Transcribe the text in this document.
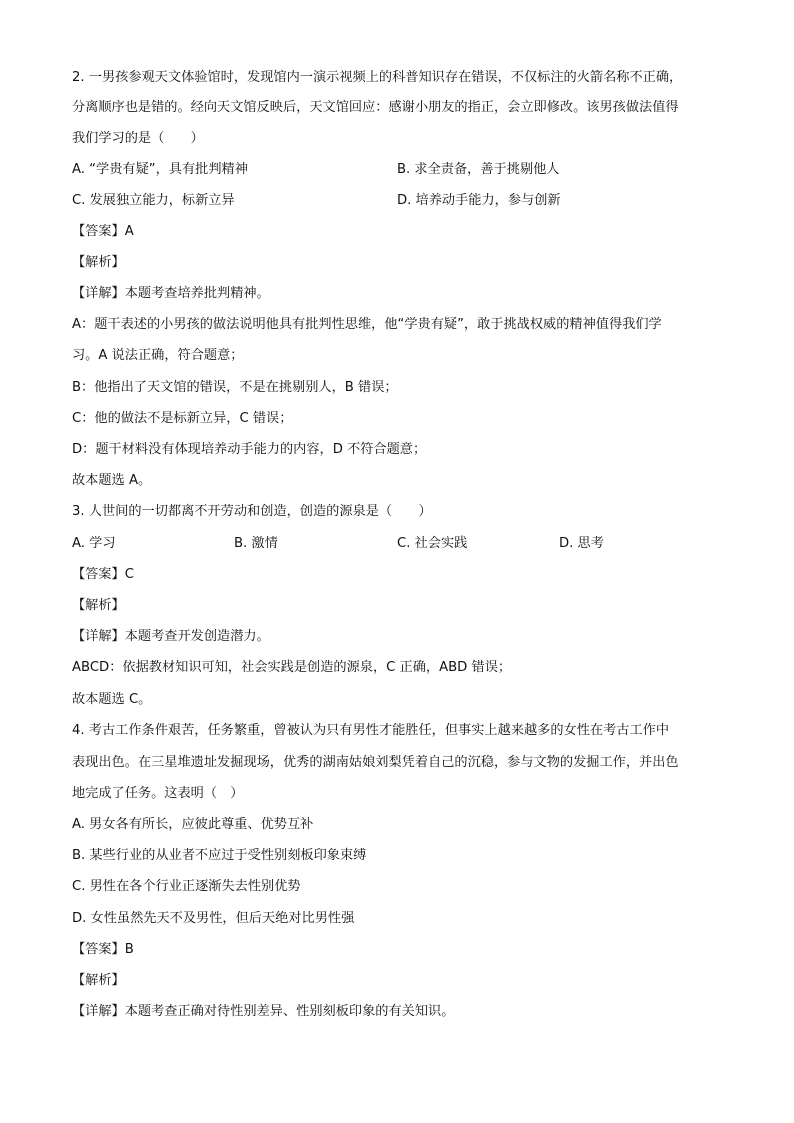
2. 一男孩参观天文体验馆时，发现馆内一演示视频上的科普知识存在错误，不仅标注的火箭名称不正确，

分离顺序也是错的。经向天文馆反映后，天文馆回应：感谢小朋友的指正，会立即修改。该男孩做法值得

我们学习的是（　　）

A. “学贵有疑”，具有批判精神	B. 求全责备，善于挑剔他人

C. 发展独立能力，标新立异	D. 培养动手能力，参与创新

【答案】A

【解析】

【详解】本题考查培养批判精神。

A：题干表述的小男孩的做法说明他具有批判性思维，他“学贵有疑”，敢于挑战权威的精神值得我们学

习。A 说法正确，符合题意；

B：他指出了天文馆的错误，不是在挑剔别人，B 错误；

C：他的做法不是标新立异，C 错误；

D：题干材料没有体现培养动手能力的内容，D 不符合题意；

故本题选 A。

3. 人世间的一切都离不开劳动和创造，创造的源泉是（　　）

A. 学习	B. 激情	C. 社会实践	D. 思考

【答案】C

【解析】

【详解】本题考查开发创造潜力。

ABCD：依据教材知识可知，社会实践是创造的源泉，C 正确，ABD 错误；

故本题选 C。

4. 考古工作条件艰苦，任务繁重，曾被认为只有男性才能胜任，但事实上越来越多的女性在考古工作中

表现出色。在三星堆遗址发掘现场，优秀的湖南姑娘刘梨凭着自己的沉稳，参与文物的发掘工作，并出色

地完成了任务。这表明（　）

A. 男女各有所长，应彼此尊重、优势互补

B. 某些行业的从业者不应过于受性别刻板印象束缚

C. 男性在各个行业正逐渐失去性别优势

D. 女性虽然先天不及男性，但后天绝对比男性强

【答案】B

【解析】

【详解】本题考查正确对待性别差异、性别刻板印象的有关知识。
